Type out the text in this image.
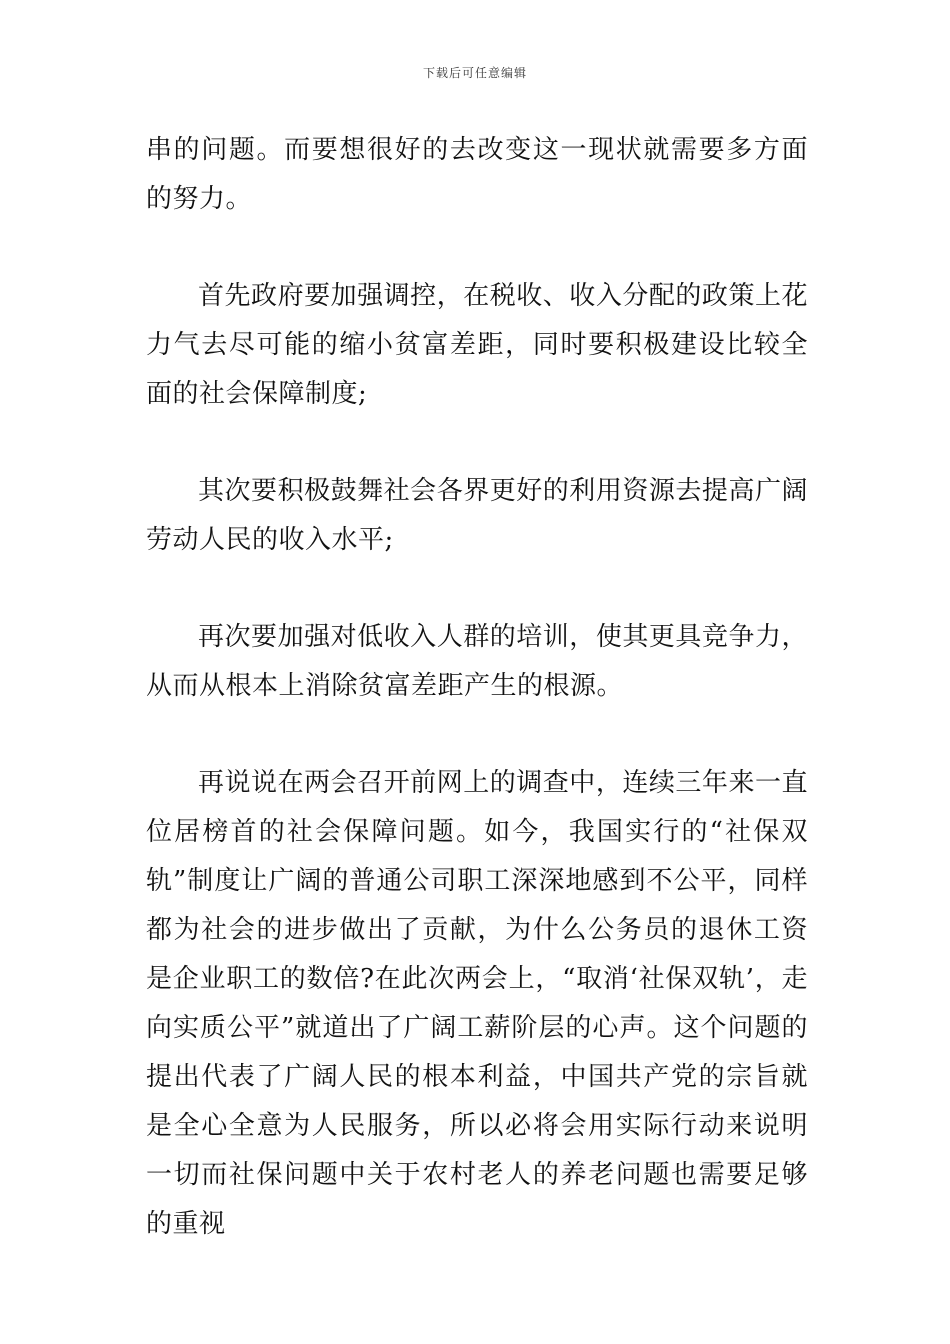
下载后可任意编辑

串的问题。而要想很好的去改变这一现状就需要多方面的努力。

首先政府要加强调控，在税收、收入分配的政策上花力气去尽可能的缩小贫富差距，同时要积极建设比较全面的社会保障制度;

其次要积极鼓舞社会各界更好的利用资源去提高广阔劳动人民的收入水平;

再次要加强对低收入人群的培训，使其更具竞争力，从而从根本上消除贫富差距产生的根源。

再说说在两会召开前网上的调查中，连续三年来一直位居榜首的社会保障问题。如今，我国实行的“社保双轨”制度让广阔的普通公司职工深深地感到不公平，同样都为社会的进步做出了贡献，为什么公务员的退休工资是企业职工的数倍?在此次两会上，“取消‘社保双轨’，走向实质公平”就道出了广阔工薪阶层的心声。这个问题的提出代表了广阔人民的根本利益，中国共产党的宗旨就是全心全意为人民服务，所以必将会用实际行动来说明一切而社保问题中关于农村老人的养老问题也需要足够的重视
